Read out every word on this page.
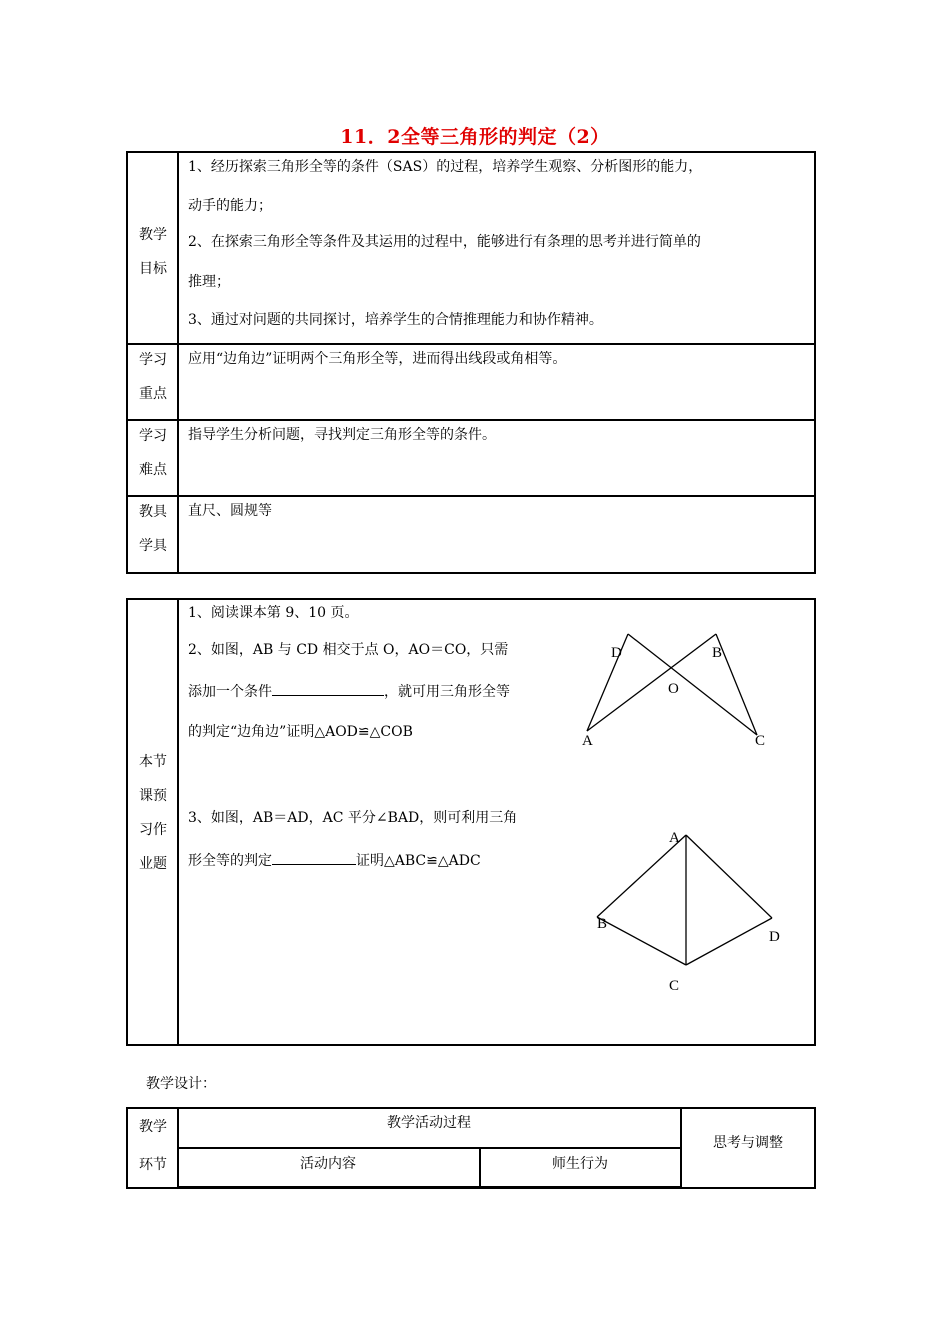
11．2全等三角形的判定（2）
教学
目标
1、经历探索三角形全等的条件（SAS）的过程，培养学生观察、分析图形的能力，
动手的能力；
2、在探索三角形全等条件及其运用的过程中，能够进行有条理的思考并进行简单的
推理；
3、通过对问题的共同探讨，培养学生的合情推理能力和协作精神。
学习
重点
应用“边角边”证明两个三角形全等，进而得出线段或角相等。
学习
难点
指导学生分析问题，寻找判定三角形全等的条件。
教具
学具
直尺、圆规等
本节
课预
习作
业题
1、阅读课本第 9、10 页。
2、如图，AB 与 CD 相交于点 O，AO＝CO，只需
添加一个条件	，就可用三角形全等
的判定“边角边”证明△AOD≌△COB
3、如图，AB＝AD，AC 平分∠BAD，则可利用三角
形全等的判定	证明△ABC≌△ADC
D	B
O
A	C
A
B
D
C
教学设计：
教学
环节
教学活动过程
活动内容	师生行为
思考与调整
